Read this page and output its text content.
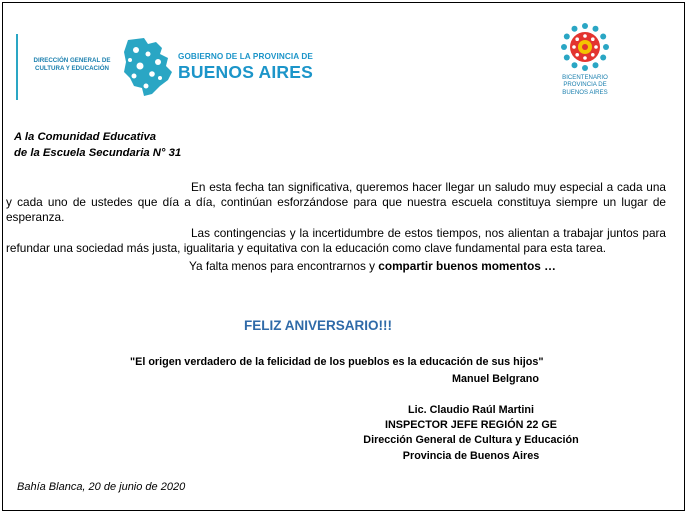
DIRECCIÓN GENERAL DE
CULTURA Y EDUCACIÓN
GOBIERNO DE LA PROVINCIA DE
BUENOS AIRES	BICENTENARIO
PROVINCIA DE
BUENOS AIRES
A la Comunidad Educativa
de la Escuela Secundaria N° 31

En esta fecha tan significativa, queremos hacer llegar un saludo muy especial a cada una y cada uno de ustedes que día a día, continúan esforzándose para que nuestra escuela constituya siempre un lugar de esperanza.

Las contingencias y la incertidumbre de estos tiempos, nos alientan a trabajar juntos para refundar una sociedad más justa, igualitaria y equitativa con la educación como clave fundamental para esta tarea.

Ya falta menos para encontrarnos y compartir buenos momentos …

FELIZ ANIVERSARIO!!!
"El origen verdadero de la felicidad de los pueblos es la educación de sus hijos"
Manuel Belgrano
Lic. Claudio Raúl Martini
INSPECTOR JEFE REGIÓN 22 GE
Dirección General de Cultura y Educación
Provincia de Buenos Aires
Bahía Blanca, 20 de junio de 2020
